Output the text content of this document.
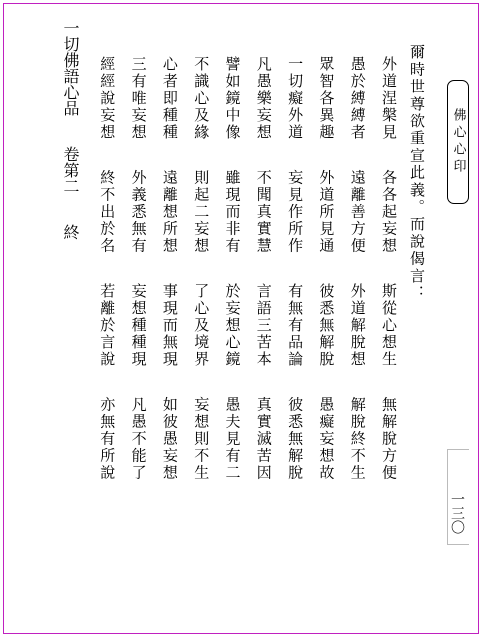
佛心心印
一三〇
爾時世尊欲重宣此義。而說偈言：
外道涅槃見各各起妄想斯從心想生無解脫方便
愚於縛縛者遠離善方便外道解脫想解脫終不生
眾智各異趣外道所見通彼悉無解脫愚癡妄想故
一切癡外道妄見作所作有無有品論彼悉無解脫
凡愚樂妄想不聞真實慧言語三苦本真實滅苦因
譬如鏡中像雖現而非有於妄想心鏡愚夫見有二
不識心及緣則起二妄想了心及境界妄想則不生
心者即種種遠離想所想事現而無現如彼愚妄想
三有唯妄想外義悉無有妄想種種現凡愚不能了
經經說妄想終不出於名若離於言說亦無有所說
一切佛語心品卷第二終
